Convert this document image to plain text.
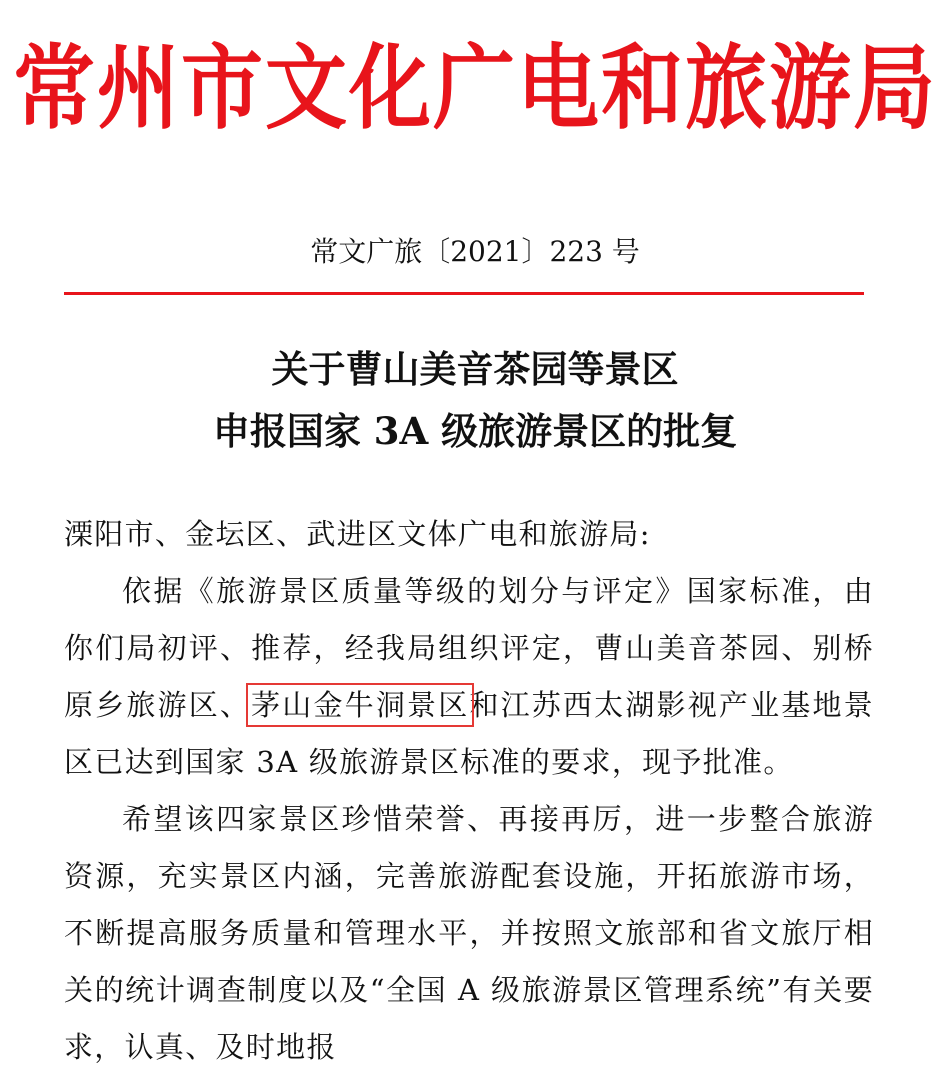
常州市文化广电和旅游局
常文广旅〔2021〕223 号
关于曹山美音茶园等景区
申报国家 3A 级旅游景区的批复

溧阳市、金坛区、武进区文体广电和旅游局:

依据《旅游景区质量等级的划分与评定》国家标准，由你们局初评、推荐，经我局组织评定，曹山美音茶园、别桥原乡旅游区、茅山金牛洞景区和江苏西太湖影视产业基地景区已达到国家 3A 级旅游景区标准的要求，现予批准。

希望该四家景区珍惜荣誉、再接再厉，进一步整合旅游资源，充实景区内涵，完善旅游配套设施，开拓旅游市场，不断提高服务质量和管理水平，并按照文旅部和省文旅厅相关的统计调查制度以及“全国 A 级旅游景区管理系统”有关要求，认真、及时地报
